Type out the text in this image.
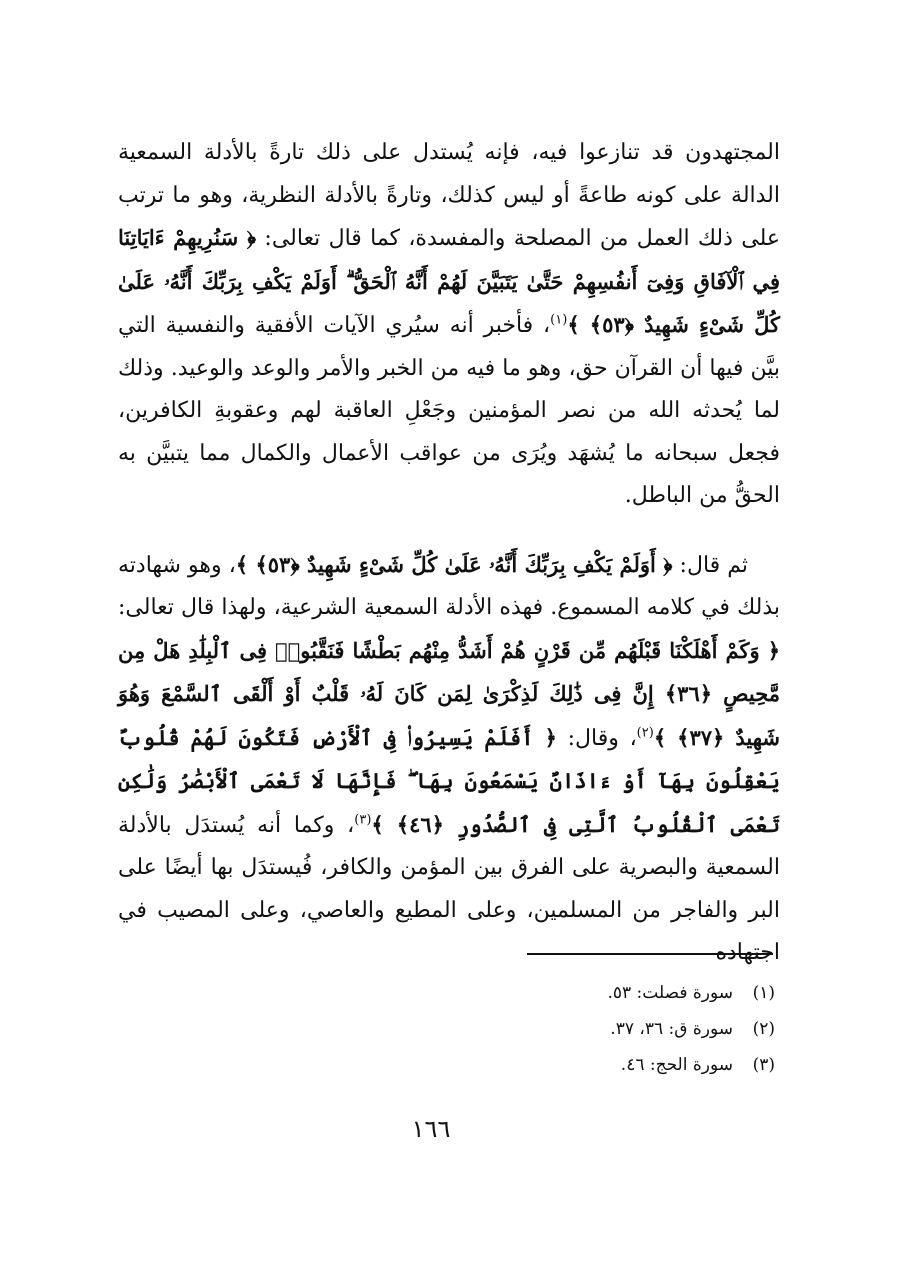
المجتهدون قد تنازعوا فيه، فإنه يُستدل على ذلك تارةً بالأدلة السمعية الدالة على كونه طاعةً أو ليس كذلك، وتارةً بالأدلة النظرية، وهو ما ترتب على ذلك العمل من المصلحة والمفسدة، كما قال تعالى: ﴿ سَنُرِيهِمْ ءَايَاتِنَا فِي ٱلْآفَاقِ وَفِىٓ أَنفُسِهِمْ حَتَّىٰ يَتَبَيَّنَ لَهُمْ أَنَّهُ ٱلْحَقُّ ۗ أَوَلَمْ يَكْفِ بِرَبِّكَ أَنَّهُۥ عَلَىٰ كُلِّ شَىْءٍ شَهِيدٌ ﴿٥٣﴾ ﴾$^{(١)}$، فأخبر أنه سيُري الآيات الأفقية والنفسية التي بيَّن فيها أن القرآن حق، وهو ما فيه من الخبر والأمر والوعد والوعيد. وذلك لما يُحدثه الله من نصر المؤمنين وجَعْلِ العاقبة لهم وعقوبةِ الكافرين، فجعل سبحانه ما يُشهَد ويُرَى من عواقب الأعمال والكمال مما يتبيَّن به الحقُّ من الباطل.

ثم قال: ﴿ أَوَلَمْ يَكْفِ بِرَبِّكَ أَنَّهُۥ عَلَىٰ كُلِّ شَىْءٍ شَهِيدٌ ﴿٥٣﴾ ﴾، وهو شهادته بذلك في كلامه المسموع. فهذه الأدلة السمعية الشرعية، ولهذا قال تعالى: ﴿ وَكَمْ أَهْلَكْنَا قَبْلَهُم مِّن قَرْنٍ هُمْ أَشَدُّ مِنْهُم بَطْشًا فَنَقَّبُوا۟ فِى ٱلْبِلَٰدِ هَلْ مِن مَّحِيصٍ ﴿٣٦﴾ إِنَّ فِى ذَٰلِكَ لَذِكْرَىٰ لِمَن كَانَ لَهُۥ قَلْبٌ أَوْ أَلْقَى ٱلسَّمْعَ وَهُوَ شَهِيدٌ ﴿٣٧﴾ ﴾$^{(٢)}$، وقال: ﴿ أَفَلَمْ يَسِيرُوا۟ فِى ٱلْأَرْضِ فَتَكُونَ لَهُمْ قُلُوبٌ يَعْقِلُونَ بِهَآ أَوْ ءَاذَانٌ يَسْمَعُونَ بِهَا ۖ فَإِنَّهَا لَا تَعْمَى ٱلْأَبْصَٰرُ وَلَٰكِن تَعْمَى ٱلْقُلُوبُ ٱلَّتِى فِى ٱلصُّدُورِ ﴿٤٦﴾ ﴾$^{(٣)}$، وكما أنه يُستدَل بالأدلة السمعية والبصرية على الفرق بين المؤمن والكافر، فُيستدَل بها أيضًا على البر والفاجر من المسلمين، وعلى المطيع والعاصي، وعلى المصيب في اجتهاده

(١)
سورة فصلت: ٥٣.
(٢)
سورة ق: ٣٦، ٣٧.
(٣)
سورة الحج: ٤٦.
١٦٦
